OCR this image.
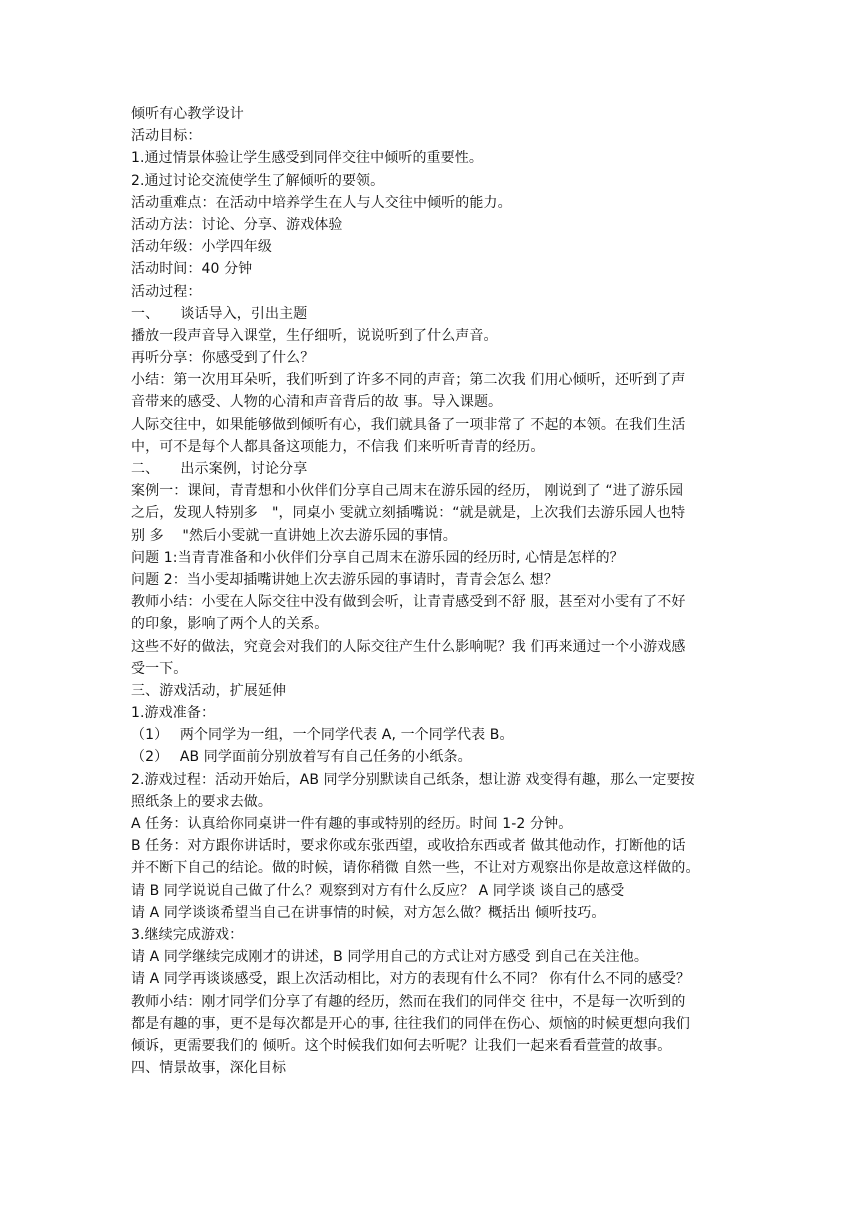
倾听有心教学设计
活动目标：
1.通过情景体验让学生感受到同伴交往中倾听的重要性。
2.通过讨论交流使学生了解倾听的要领。
活动重难点：在活动中培养学生在人与人交往中倾听的能力。
活动方法：讨论、分享、游戏体验
活动年级：小学四年级
活动时间：40 分钟
活动过程：
一、　　谈话导入，引出主题
播放一段声音导入课堂，生仔细听，说说听到了什么声音。
再听分享：你感受到了什么？
小结：第一次用耳朵听，我们听到了许多不同的声音；第二次我 们用心倾听，还听到了声
音带来的感受、人物的心清和声音背后的故 事。导入课题。
人际交往中，如果能够做到倾听有心，我们就具备了一项非常了 不起的本领。在我们生活
中，可不是每个人都具备这项能力，不信我 们来听听青青的经历。
二、　　出示案例，讨论分享
案例一：课间，青青想和小伙伴们分享自己周末在游乐园的经历， 刚说到了 “进了游乐园
之后，发现人特别多　"，同桌小 雯就立刻插嘴说：“就是就是，上次我们去游乐园人也特
别 多　 "然后小雯就一直讲她上次去游乐园的事情。
问题 1:当青青准备和小伙伴们分享自己周末在游乐园的经历时, 心情是怎样的？
问题 2：当小雯却插嘴讲她上次去游乐园的事请时，青青会怎么 想？
教师小结：小雯在人际交往中没有做到会听，让青青感受到不舒 服，甚至对小雯有了不好
的印象，影响了两个人的关系。
这些不好的做法，究竟会对我们的人际交往产生什么影响呢？我 们再来通过一个小游戏感
受一下。
三、游戏活动，扩展延伸
1.游戏准备：
（1）　 两个同学为一组，一个同学代表 A, 一个同学代表 B。
（2）　 AB 同学面前分别放着写有自己任务的小纸条。
2.游戏过程：活动开始后，AB 同学分别默读自己纸条，想让游 戏变得有趣，那么一定要按
照纸条上的要求去做。
A 任务：认真给你同桌讲一件有趣的事或特别的经历。时间 1-2 分钟。
B 任务：对方跟你讲话时，要求你或东张西望，或收拾东西或者 做其他动作，打断他的话
并不断下自己的结论。做的时候，请你稍微 自然一些，不让对方观察出你是故意这样做的。
请 B 同学说说自己做了什么？观察到对方有什么反应？ A 同学谈 谈自己的感受
请 A 同学谈谈希望当自己在讲事情的时候，对方怎么做？概括出 倾听技巧。
3.继续完成游戏：
请 A 同学继续完成刚才的讲述，B 同学用自己的方式让对方感受 到自己在关注他。
请 A 同学再谈谈感受，跟上次活动相比，对方的表现有什么不同？ 你有什么不同的感受？
教师小结：刚才同学们分享了有趣的经历，然而在我们的同伴交 往中，不是每一次听到的
都是有趣的事，更不是每次都是开心的事, 往往我们的同伴在伤心、烦恼的时候更想向我们
倾诉，更需要我们的 倾听。这个时候我们如何去听呢？让我们一起来看看萱萱的故事。
四、情景故事，深化目标
